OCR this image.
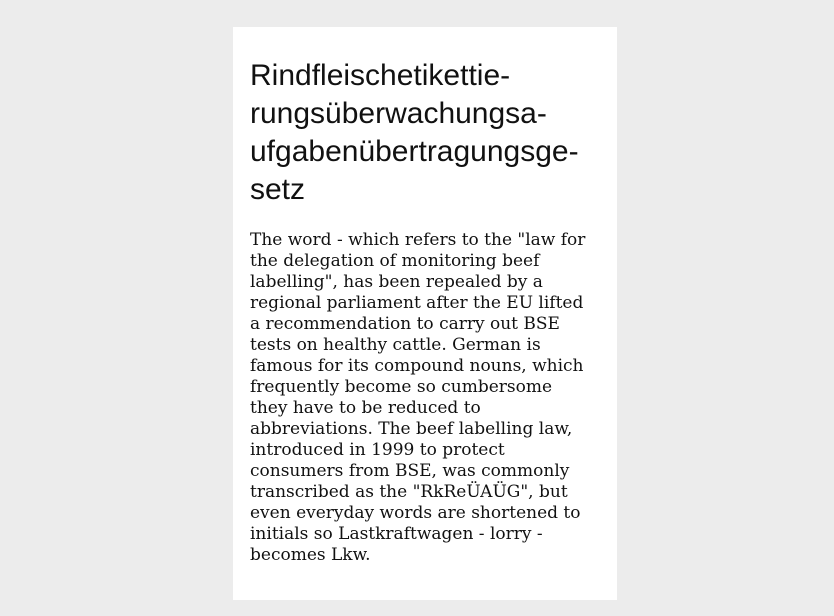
Rindfleischetikettie-
rungsüberwachungsa-
ufgabenübertragungsge-
setz

The word - which refers to the "law for
the delegation of monitoring beef
labelling", has been repealed by a
regional parliament after the EU lifted
a recommendation to carry out BSE
tests on healthy cattle. German is
famous for its compound nouns, which
frequently become so cumbersome
they have to be reduced to
abbreviations. The beef labelling law,
introduced in 1999 to protect
consumers from BSE, was commonly
transcribed as the "RkReÜAÜG", but
even everyday words are shortened to
initials so Lastkraftwagen - lorry -
becomes Lkw.
